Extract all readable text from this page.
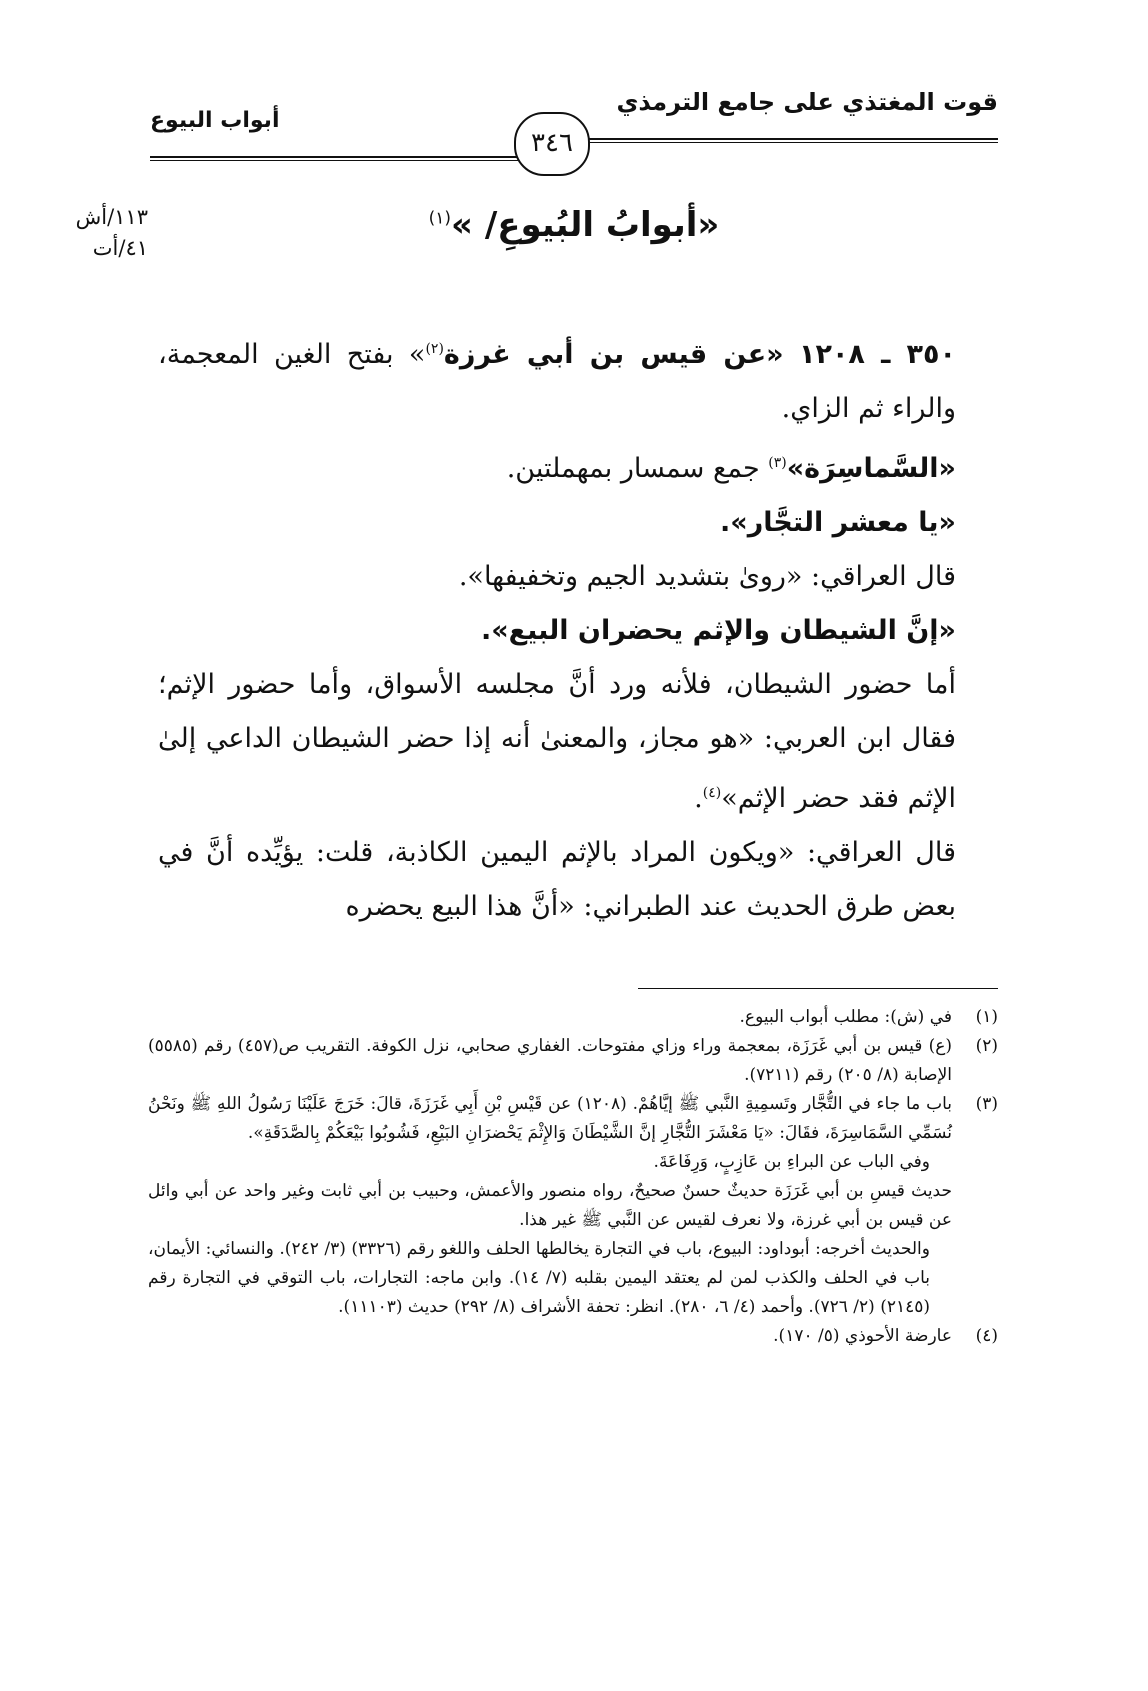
قوت المغتذي على جامع الترمذي
أبواب البيوع
٣٤٦
١١٣/أش
٤١/أت
«أبوابُ البُيوعِ/ »$^{(١)}$

٣٥٠ ـ ١٢٠٨ «عن قيس بن أبي غرزة$^{(٢)}$» بفتح الغين المعجمة، والراء ثم الزاي.

«السَّماسِرَة»$^{(٣)}$ جمع سمسار بمهملتين.

«يا معشر التجَّار».

قال العراقي: «رویٰ بتشدید الجیم وتخفیفها».

«إنَّ الشيطان والإثم يحضران البيع».

أما حضور الشيطان، فلأنه ورد أنَّ مجلسه الأسواق، وأما حضور الإثم؛ فقال ابن العربي: «هو مجاز، والمعنیٰ أنه إذا حضر الشيطان الداعي إلیٰ الإثم فقد حضر الإثم»$^{(٤)}$.

قال العراقي: «ويكون المراد بالإثم اليمين الكاذبة، قلت: يؤيِّده أنَّ في بعض طرق الحديث عند الطبراني: «أنَّ هذا البيع يحضره

(١)

في (ش): مطلب أبواب البيوع.

(٢)

(ع) قيس بن أبي غَرَزَة، بمعجمة وراء وزاي مفتوحات. الغفاري صحابي، نزل الكوفة. التقريب ص(٤٥٧) رقم (٥٥٨٥) الإصابة (٨/ ٢٠٥) رقم (٧٢١١).

(٣)

باب ما جاء في التُّجَّار وتَسمِيةِ النَّبي ﷺ إيَّاهُمْ. (١٢٠٨) عن قَيْسِ بْنِ أَبِي غَرَزَةَ، قالَ: خَرَجَ عَلَيْنَا رَسُولُ اللهِ ﷺ ونَحْنُ نُسَمِّي السَّمَاسِرَةَ، فقَالَ: «يَا مَعْشَرَ التُّجَّارِ إنَّ الشَّيْطَانَ وَالإِثْمَ يَحْضرَانِ البَيْعِ، فَشُوبُوا بَيْعَكُمْ بِالصَّدَقَةِ».

وفي الباب عن البراءِ بن عَازِبٍ، وَرِفَاعَةَ.

حديث قيسِ بن أبي غَرَزَة حديثٌ حسنٌ صحيحٌ، رواه منصور والأعمش، وحبيب بن أبي ثابت وغير واحد عن أبي وائل عن قيس بن أبي غرزة، ولا نعرف لقيس عن النَّبي ﷺ غير هذا.

والحديث أخرجه: أبوداود: البيوع، باب في التجارة يخالطها الحلف واللغو رقم (٣٣٢٦) (٣/ ٢٤٢). والنسائي: الأيمان، باب في الحلف والكذب لمن لم يعتقد اليمين بقلبه (٧/ ١٤). وابن ماجه: التجارات، باب التوقي في التجارة رقم (٢١٤٥) (٢/ ٧٢٦). وأحمد (٤/ ٦، ٢٨٠). انظر: تحفة الأشراف (٨/ ٢٩٢) حديث (١١١٠٣).

(٤)

عارضة الأحوذي (٥/ ١٧٠).
